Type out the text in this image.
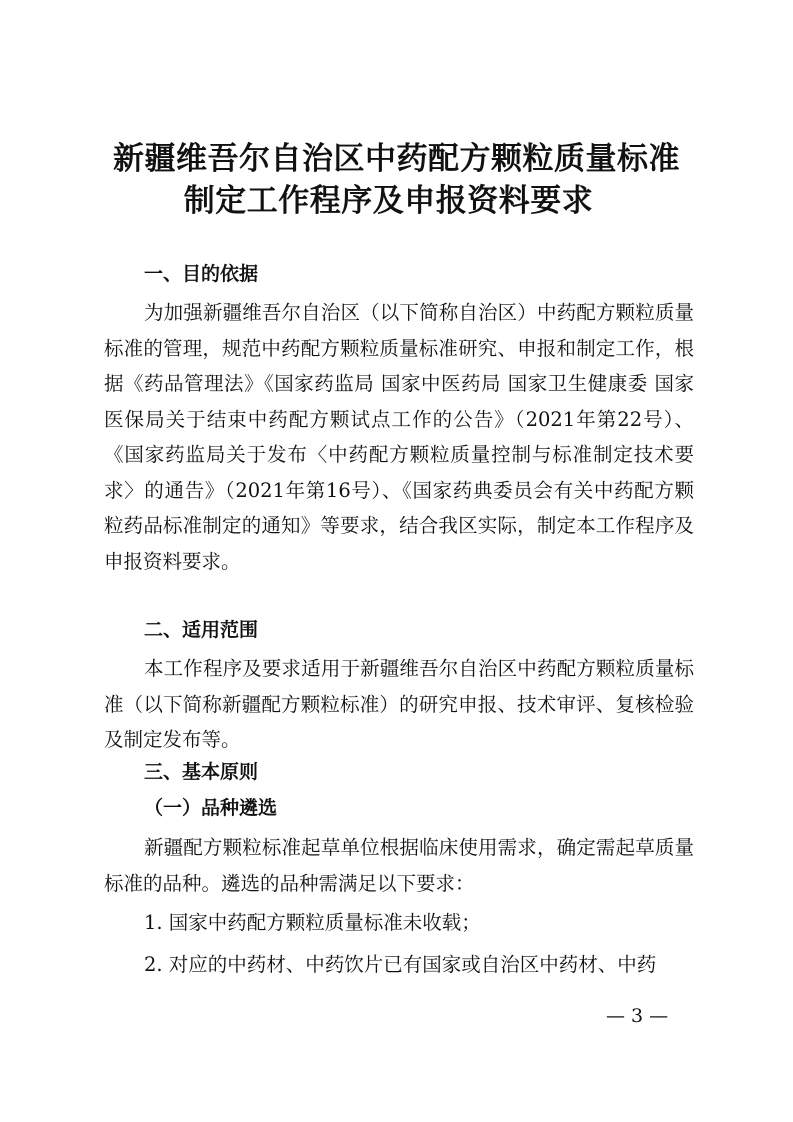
新疆维吾尔自治区中药配方颗粒质量标准
制定工作程序及申报资料要求
一、目的依据

为加强新疆维吾尔自治区（以下简称自治区）中药配方颗粒质量标准的管理，规范中药配方颗粒质量标准研究、申报和制定工作，根据《药品管理法》《国家药监局 国家中医药局 国家卫生健康委 国家医保局关于结束中药配方颗试点工作的公告》（2021年第22号）、《国家药监局关于发布〈中药配方颗粒质量控制与标准制定技术要求〉的通告》（2021年第16号）、《国家药典委员会有关中药配方颗粒药品标准制定的通知》等要求，结合我区实际，制定本工作程序及申报资料要求。

二、适用范围

本工作程序及要求适用于新疆维吾尔自治区中药配方颗粒质量标准（以下简称新疆配方颗粒标准）的研究申报、技术审评、复核检验及制定发布等。

三、基本原则
（一）品种遴选

新疆配方颗粒标准起草单位根据临床使用需求，确定需起草质量标准的品种。遴选的品种需满足以下要求：

1. 国家中药配方颗粒质量标准未收载；

2. 对应的中药材、中药饮片已有国家或自治区中药材、中药

— 3 —
